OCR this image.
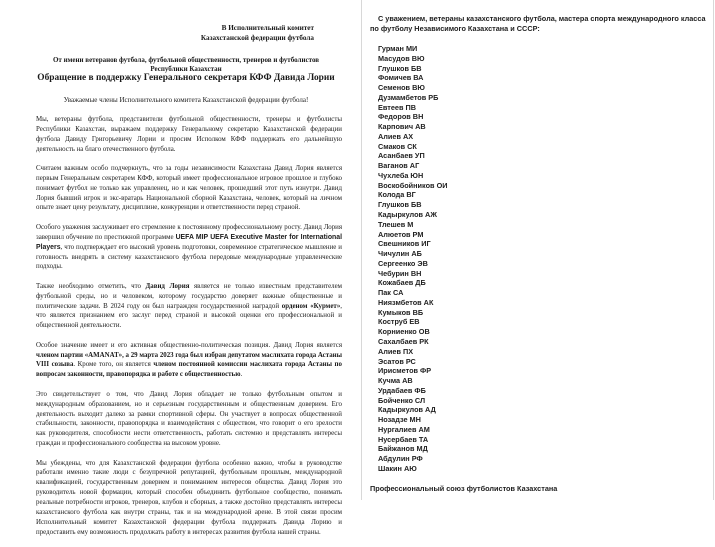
В Исполнительный комитет
Казахстанской федерации футбола
От имени ветеранов футбола, футбольной общественности, тренеров и футболистов
Республики Казахстан
Обращение в поддержку Генерального секретаря КФФ Давида Лории
Уважаемые члены Исполнительного комитета Казахстанской федерации футбола!

Мы, ветераны футбола, представители футбольной общественности, тренеры и футболисты Республики Казахстан, выражаем поддержку Генеральному секретарю Казахстанской федерации футбола Давиду Григорьевичу Лории и просим Исполком КФФ поддержать его дальнейшую деятельность на благо отечественного футбола.

Считаем важным особо подчеркнуть, что за годы независимости Казахстана Давид Лория является первым Генеральным секретарем КФФ, который имеет профессиональное игровое прошлое и глубоко понимает футбол не только как управленец, но и как человек, прошедший этот путь изнутри. Давид Лория бывший игрок и экс-вратарь Национальной сборной Казахстана, человек, который на личном опыте знает цену результату, дисциплине, конкуренции и ответственности перед страной.

Особого уважения заслуживает его стремление к постоянному профессиональному росту. Давид Лория завершил обучение по престижной программе UEFA MIP UEFA Executive Master for International Players, что подтверждает его высокий уровень подготовки, современное стратегическое мышление и готовность внедрять в систему казахстанского футбола передовые международные управленческие подходы.

Также необходимо отметить, что Давид Лория является не только известным представителем футбольной среды, но и человеком, которому государство доверяет важные общественные и политические задачи. В 2024 году он был награжден государственной наградой орденом «Курмет», что является признанием его заслуг перед страной и высокой оценки его профессиональной и общественной деятельности.

Особое значение имеет и его активная общественно-политическая позиция. Давид Лория является членом партии «AMANAT», а 29 марта 2023 года был избран депутатом маслихата города Астаны VIII созыва. Кроме того, он является членом постоянной комиссии маслихата города Астаны по вопросам законности, правопорядка и работе с общественностью.

Это свидетельствует о том, что Давид Лория обладает не только футбольным опытом и международным образованием, но и серьезным государственным и общественным доверием. Его деятельность выходит далеко за рамки спортивной сферы. Он участвует в вопросах общественной стабильности, законности, правопорядка и взаимодействия с обществом, что говорит о его зрелости как руководителя, способности нести ответственность, работать системно и представлять интересы граждан и профессионального сообщества на высоком уровне.

Мы убеждены, что для Казахстанской федерации футбола особенно важно, чтобы в руководстве работали именно такие люди с безупречной репутацией, футбольным прошлым, международной квалификацией, государственным доверием и пониманием интересов общества. Давид Лория это руководитель новой формации, который способен объединить футбольное сообщество, понимать реальные потребности игроков, тренеров, клубов и сборных, а также достойно представлять интересы казахстанского футбола как внутри страны, так и на международной арене. В этой связи просим Исполнительный комитет Казахстанской федерации футбола поддержать Давида Лорию и предоставить ему возможность продолжать работу в интересах развития футбола нашей страны.

С уважением, ветераны казахстанского футбола, мастера спорта международного класса по футболу Независимого Казахстана и СССР:

Гурман МИ
Масудов ВЮ
Глушков БВ
Фомичев ВА
Семенов ВЮ
Дузмамбетов РБ
Евтеев ПВ
Федоров ВН
Карпович АВ
Алиев АХ
Смаков СК
Асанбаев УП
Ваганов АГ
Чухлеба ЮН
Воскобойников ОИ
Колода ВГ
Глушков БВ
Кадыркулов АЖ
Тлешев М
Алюетов РМ
Свешников ИГ
Чичулин АБ
Сергеенко ЭВ
Чебурин ВН
Кожабаев ДБ
Пак СА
Ниязмбетов АК
Кумыков ВБ
Коструб ЕВ
Корниенко ОВ
Сахалбаев РК
Алиев ПХ
Эсатов РС
Ирисметов ФР
Кучма АВ
Урдабаев ФБ
Бойченко СЛ
Кадыркулов АД
Нозадзе МН
Нургалиев АМ
Нусербаев ТА
Байжанов МД
Абдулин РФ
Шакин АЮ
Профессиональный союз футболистов Казахстана
